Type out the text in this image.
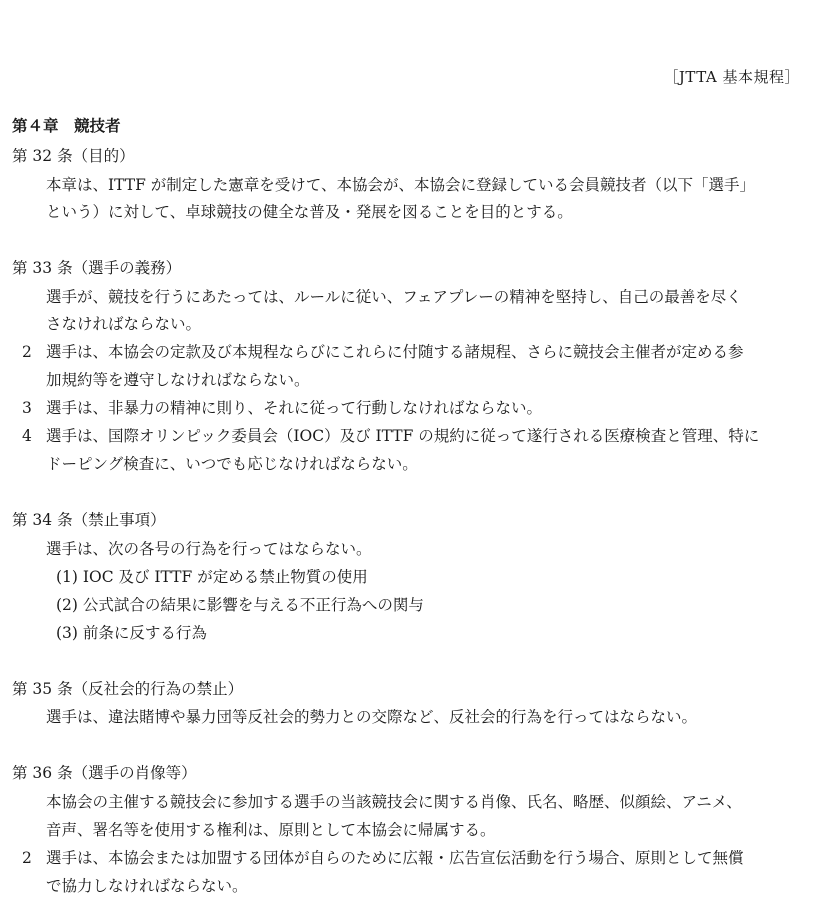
［JTTA 基本規程］
第４章　競技者
第 32 条（目的）
本章は、ITTF が制定した憲章を受けて、本協会が、本協会に登録している会員競技者（以下「選手」
という）に対して、卓球競技の健全な普及・発展を図ることを目的とする。
第 33 条（選手の義務）
選手が、競技を行うにあたっては、ルールに従い、フェアプレーの精神を堅持し、自己の最善を尽く
さなければならない。
2 選手は、本協会の定款及び本規程ならびにこれらに付随する諸規程、さらに競技会主催者が定める参
加規約等を遵守しなければならない。
3 選手は、非暴力の精神に則り、それに従って行動しなければならない。
4 選手は、国際オリンピック委員会（IOC）及び ITTF の規約に従って遂行される医療検査と管理、特に
ドーピング検査に、いつでも応じなければならない。
第 34 条（禁止事項）
選手は、次の各号の行為を行ってはならない。
(1) IOC 及び ITTF が定める禁止物質の使用
(2) 公式試合の結果に影響を与える不正行為への関与
(3) 前条に反する行為
第 35 条（反社会的行為の禁止）
選手は、違法賭博や暴力団等反社会的勢力との交際など、反社会的行為を行ってはならない。
第 36 条（選手の肖像等）
本協会の主催する競技会に参加する選手の当該競技会に関する肖像、氏名、略歴、似顔絵、アニメ、
音声、署名等を使用する権利は、原則として本協会に帰属する。
2 選手は、本協会または加盟する団体が自らのために広報・広告宣伝活動を行う場合、原則として無償
で協力しなければならない。
